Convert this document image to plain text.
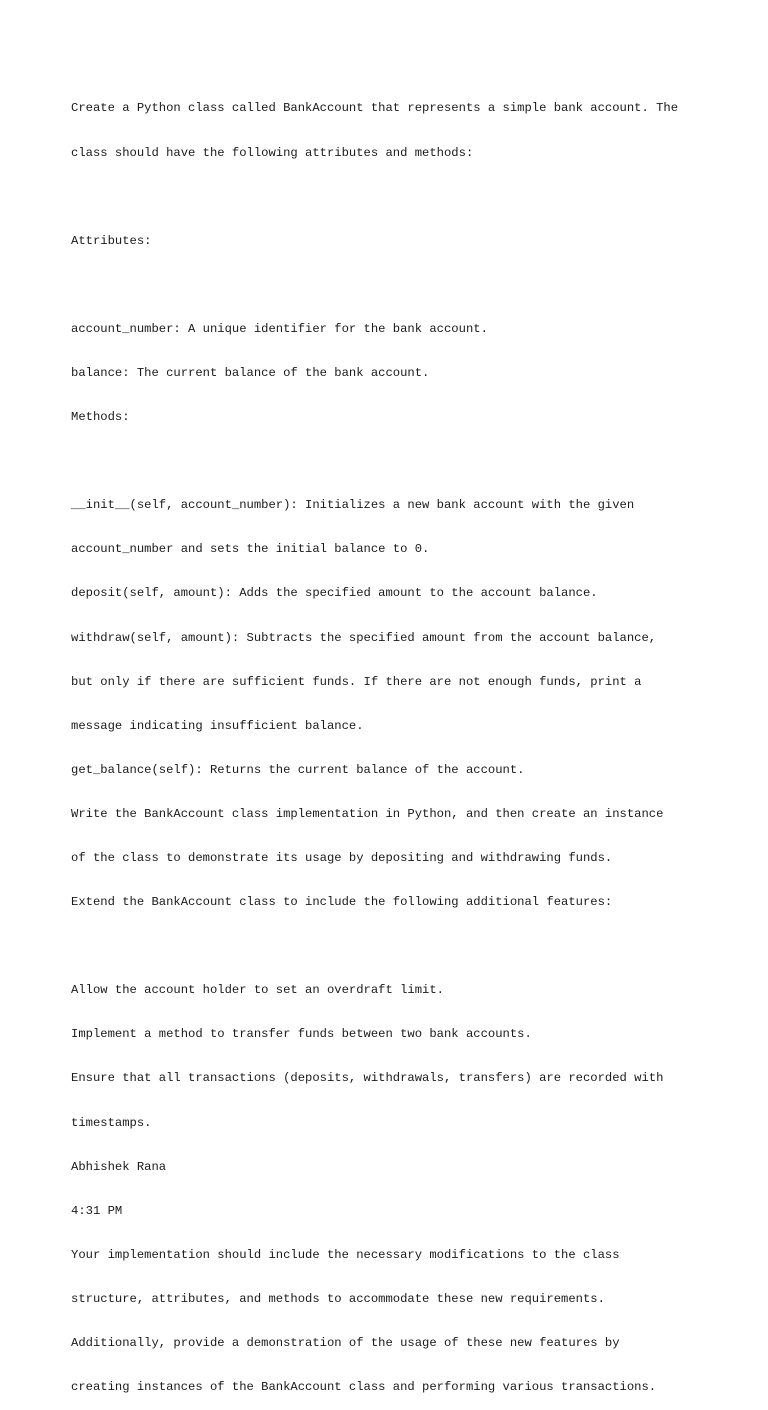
Create a Python class called BankAccount that represents a simple bank account. The

class should have the following attributes and methods:

Attributes:

account_number: A unique identifier for the bank account.

balance: The current balance of the bank account.

Methods:

__init__(self, account_number): Initializes a new bank account with the given

account_number and sets the initial balance to 0.

deposit(self, amount): Adds the specified amount to the account balance.

withdraw(self, amount): Subtracts the specified amount from the account balance,

but only if there are sufficient funds. If there are not enough funds, print a

message indicating insufficient balance.

get_balance(self): Returns the current balance of the account.

Write the BankAccount class implementation in Python, and then create an instance

of the class to demonstrate its usage by depositing and withdrawing funds.

Extend the BankAccount class to include the following additional features:

Allow the account holder to set an overdraft limit.

Implement a method to transfer funds between two bank accounts.

Ensure that all transactions (deposits, withdrawals, transfers) are recorded with

timestamps.

Abhishek Rana

4:31 PM

Your implementation should include the necessary modifications to the class

structure, attributes, and methods to accommodate these new requirements.

Additionally, provide a demonstration of the usage of these new features by

creating instances of the BankAccount class and performing various transactions.
